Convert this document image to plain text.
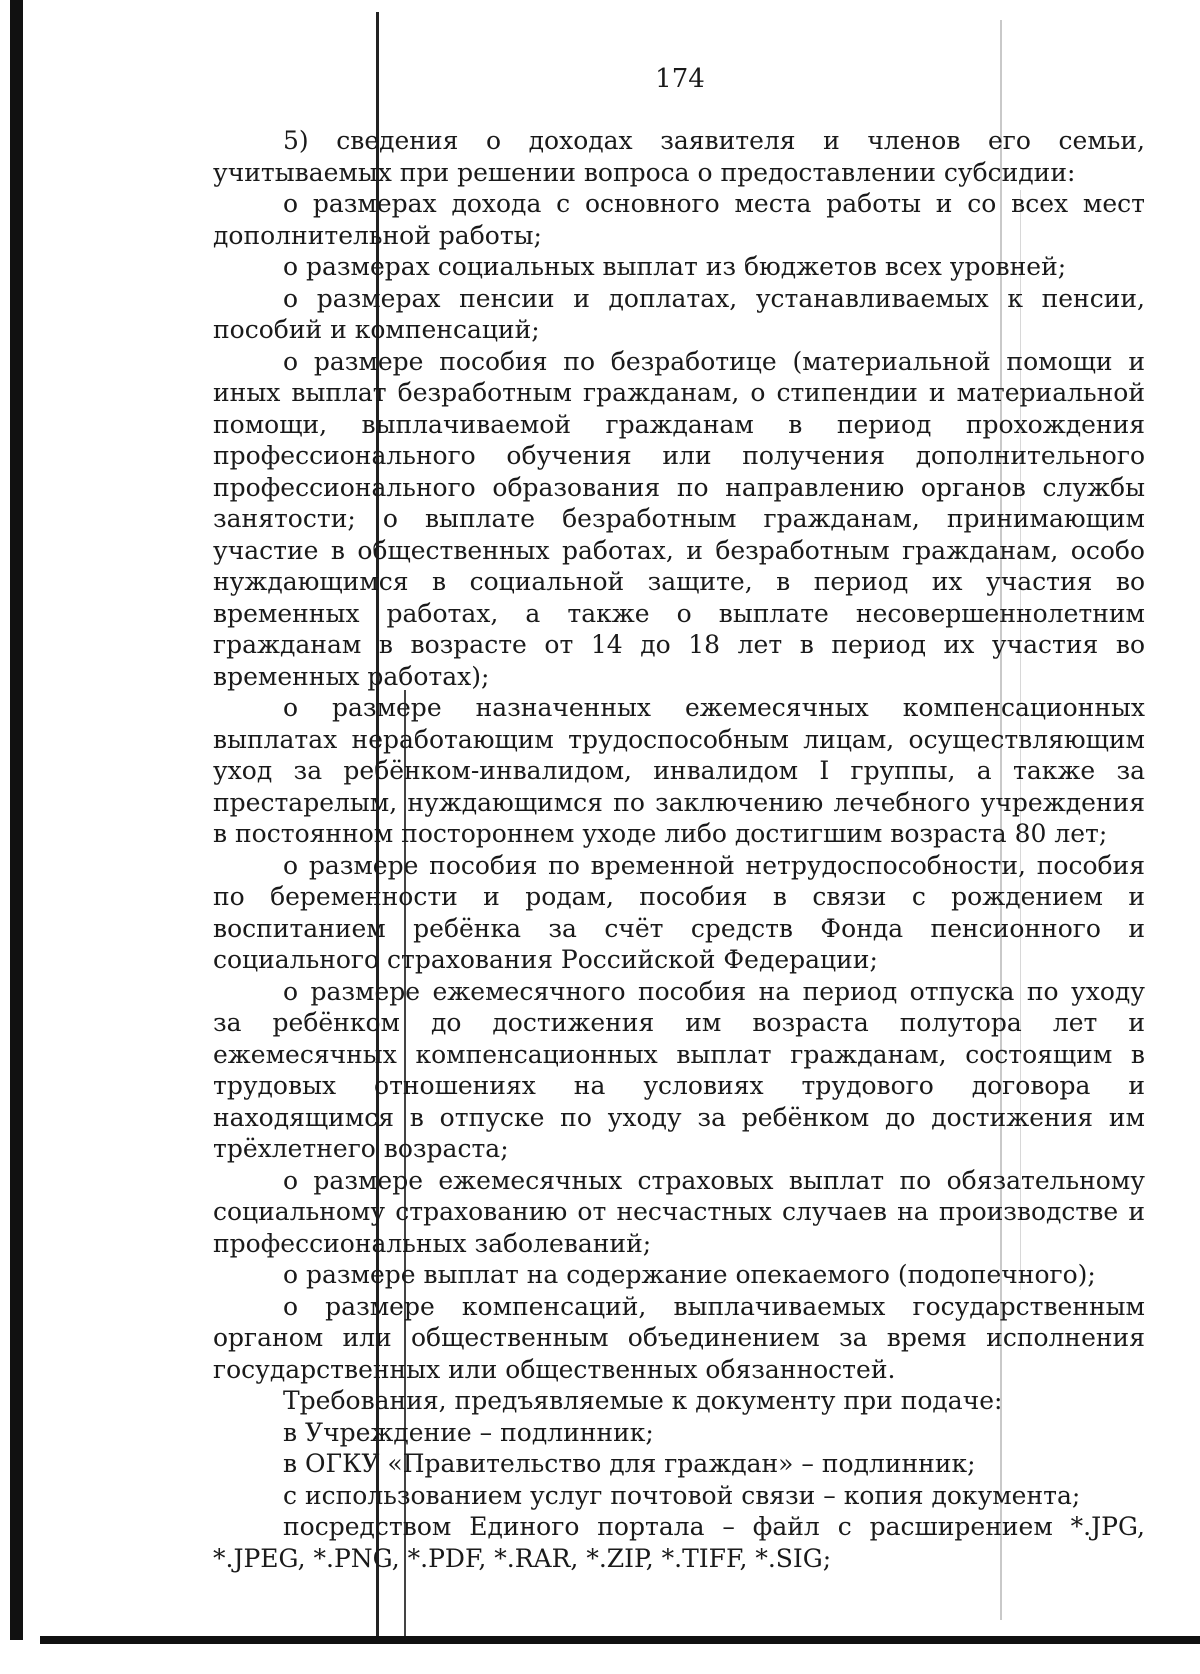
174

5) сведения о доходах заявителя и членов его семьи, учитываемых при решении вопроса о предоставлении субсидии:

о размерах дохода с основного места работы и со всех мест дополнительной работы;

о размерах социальных выплат из бюджетов всех уровней;

о размерах пенсии и доплатах, устанавливаемых к пенсии, пособий и компенсаций;

о размере пособия по безработице (материальной помощи и иных выплат безработным гражданам, о стипендии и материальной помощи, выплачиваемой гражданам в период прохождения профессионального обучения или получения дополнительного профессионального образования по направлению органов службы занятости; о выплате безработным гражданам, принимающим участие в общественных работах, и безработным гражданам, особо нуждающимся в социальной защите, в период их участия во временных работах, а также о выплате несовершеннолетним гражданам в возрасте от 14 до 18 лет в период их участия во временных работах);

о размере назначенных ежемесячных компенсационных выплатах неработающим трудоспособным лицам, осуществляющим уход за ребёнком-инвалидом, инвалидом I группы, а также за престарелым, нуждающимся по заключению лечебного учреждения в постоянном постороннем уходе либо достигшим возраста 80 лет;

о размере пособия по временной нетрудоспособности, пособия по беременности и родам, пособия в связи с рождением и воспитанием ребёнка за счёт средств Фонда пенсионного и социального страхования Российской Федерации;

о размере ежемесячного пособия на период отпуска по уходу за ребёнком до достижения им возраста полутора лет и ежемесячных компенсационных выплат гражданам, состоящим в трудовых отношениях на условиях трудового договора и находящимся в отпуске по уходу за ребёнком до достижения им трёхлетнего возраста;

о размере ежемесячных страховых выплат по обязательному социальному страхованию от несчастных случаев на производстве и профессиональных заболеваний;

о размере выплат на содержание опекаемого (подопечного);

о размере компенсаций, выплачиваемых государственным органом или общественным объединением за время исполнения государственных или общественных обязанностей.

Требования, предъявляемые к документу при подаче:

в Учреждение – подлинник;

в ОГКУ «Правительство для граждан» – подлинник;

с использованием услуг почтовой связи – копия документа;

посредством Единого портала – файл с расширением *.JPG, *.JPEG, *.PNG, *.PDF, *.RAR, *.ZIP, *.TIFF, *.SIG;
